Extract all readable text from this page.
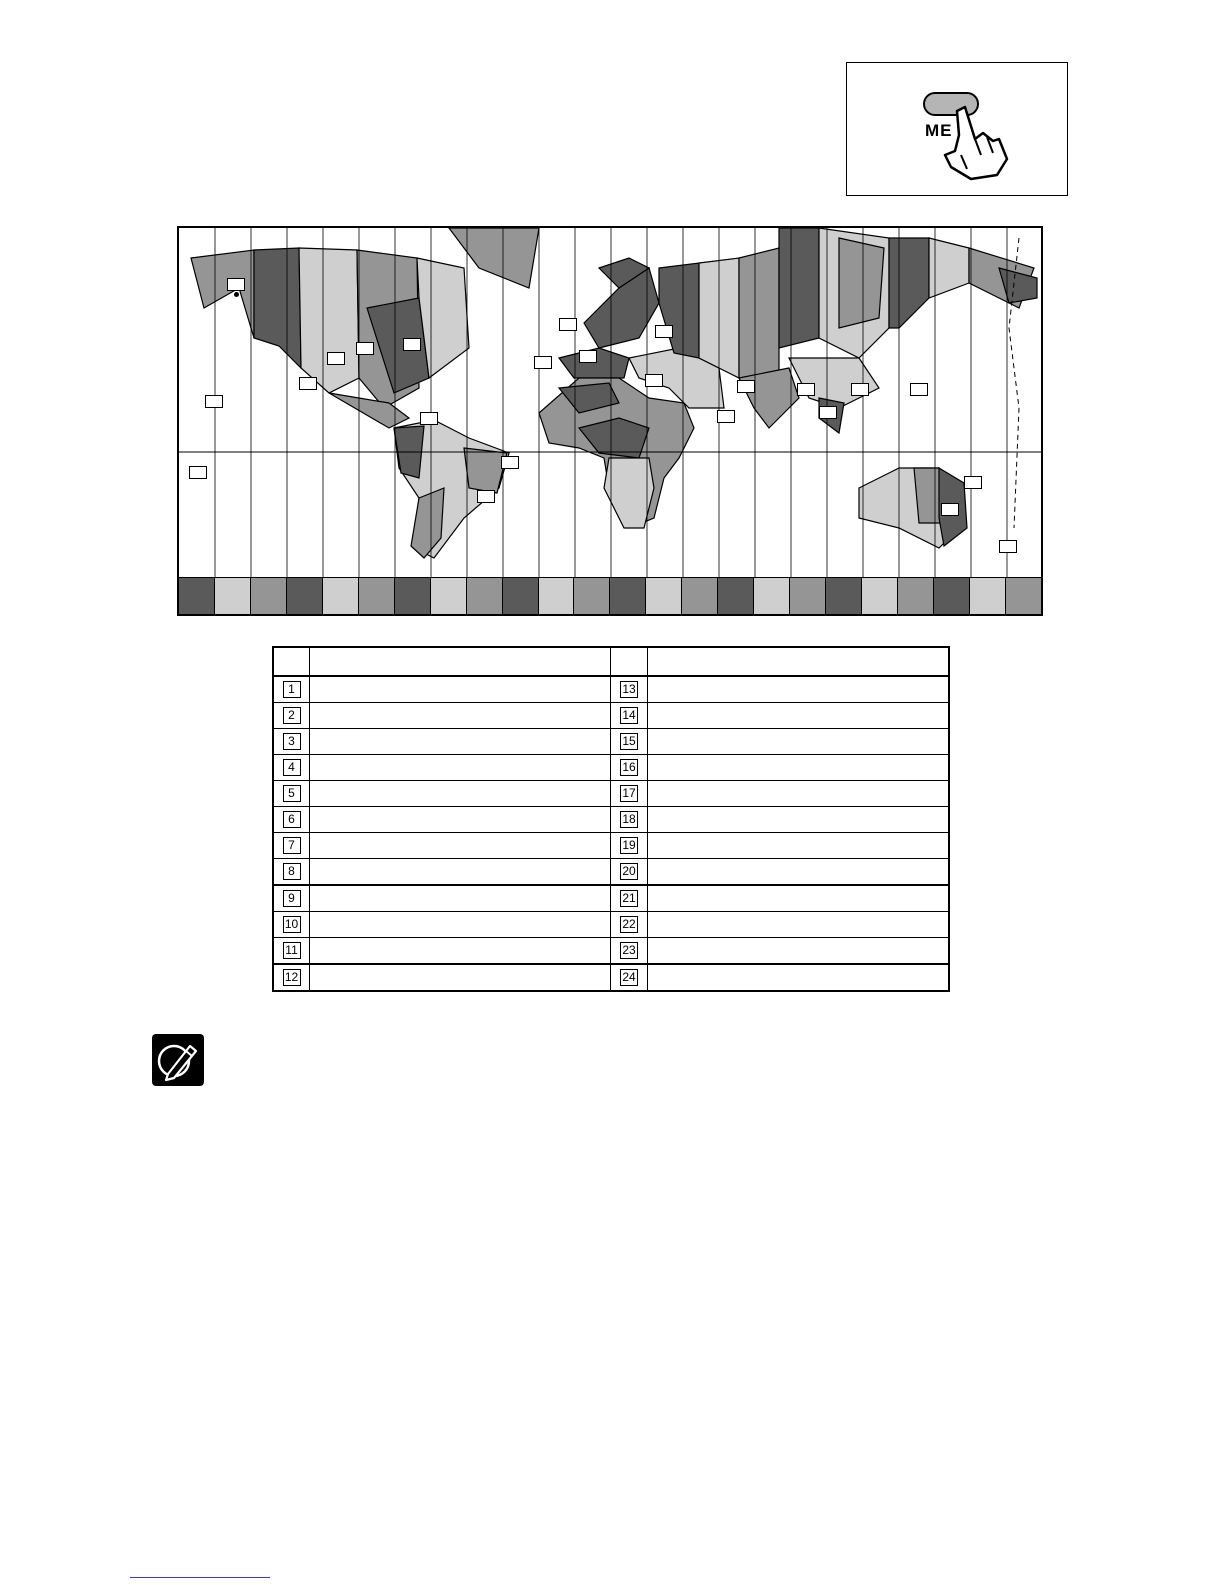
ME

1		13	
2		14	
3		15	
4		16	
5		17	
6		18	
7		19	
8		20	
9		21	
10		22	
11		23	
12		24	
